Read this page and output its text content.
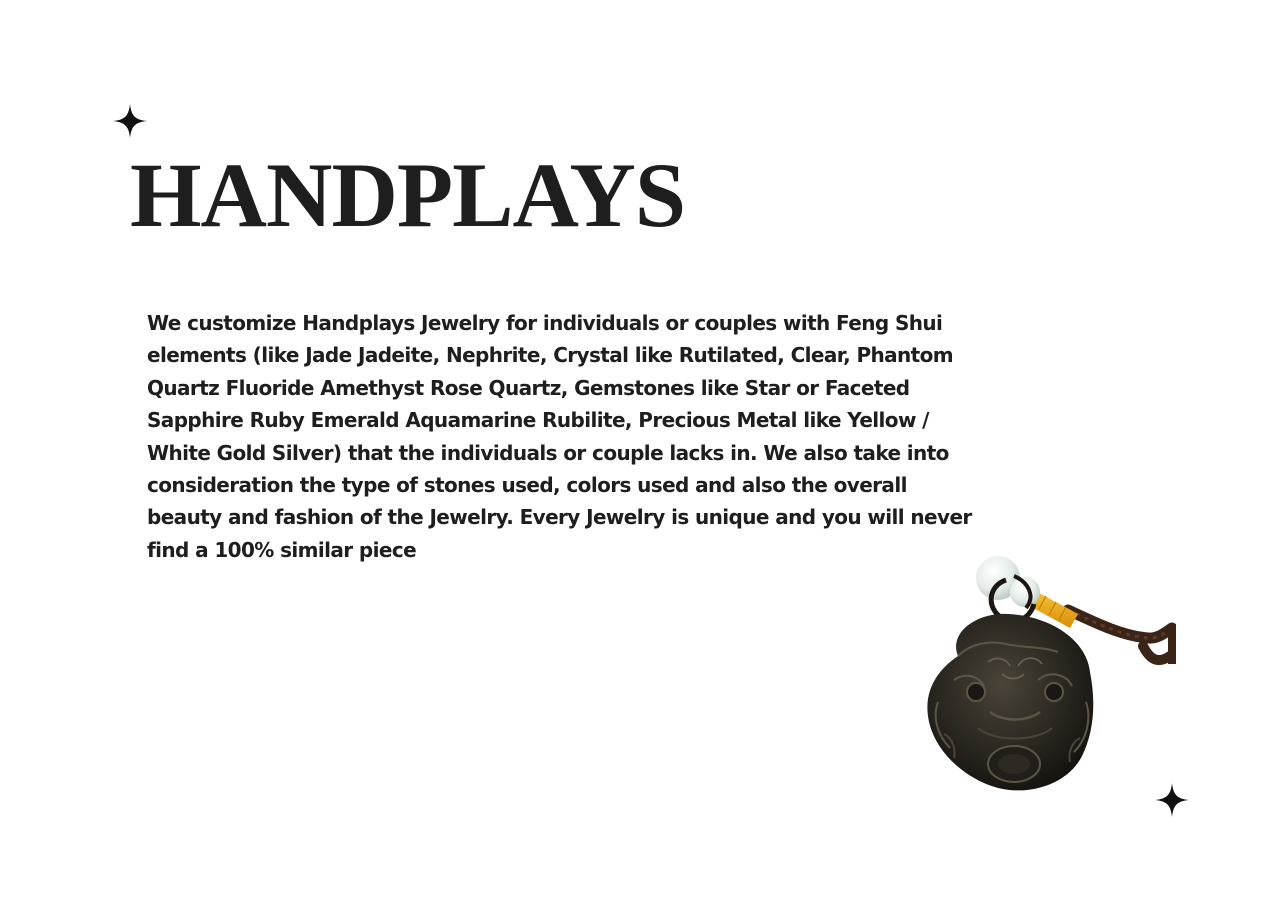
HANDPLAYS

We customize Handplays Jewelry for individuals or couples with Feng Shui elements (like Jade Jadeite, Nephrite, Crystal like Rutilated, Clear, Phantom Quartz Fluoride Amethyst Rose Quartz, Gemstones like Star or Faceted Sapphire Ruby Emerald Aquamarine Rubilite, Precious Metal like Yellow / White Gold Silver) that the individuals or couple lacks in. We also take into consideration the type of stones used, colors used and also the overall beauty and fashion of the Jewelry. Every Jewelry is unique and you will never find a 100% similar piece
